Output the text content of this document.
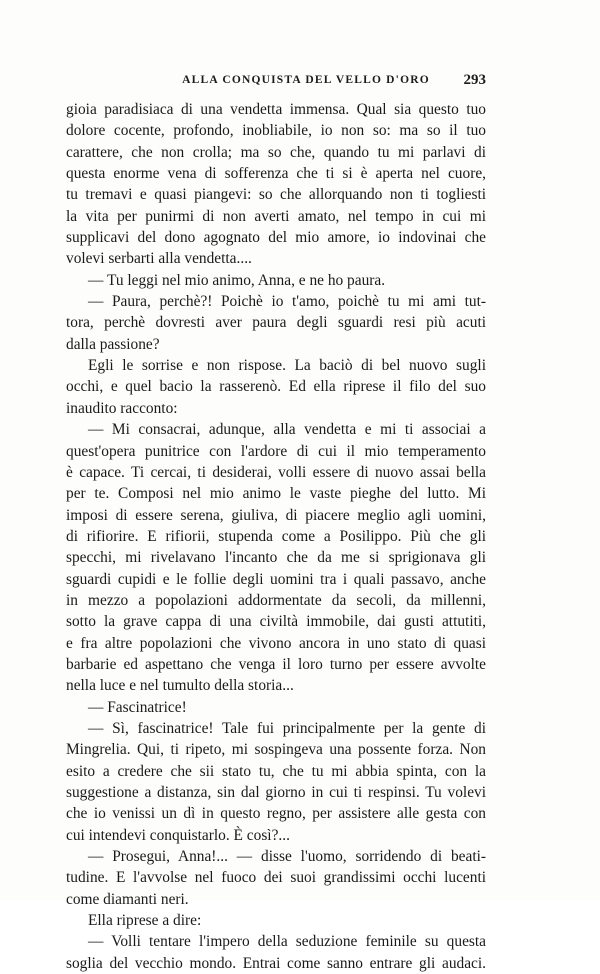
ALLA CONQUISTA DEL VELLO D'ORO	293
gioia paradisiaca di una vendetta immensa. Qual sia questo tuo
dolore cocente, profondo, inobliabile, io non so: ma so il tuo
carattere, che non crolla; ma so che, quando tu mi parlavi di
questa enorme vena di sofferenza che ti si è aperta nel cuore,
tu tremavi e quasi piangevi: so che allorquando non ti togliesti
la vita per punirmi di non averti amato, nel tempo in cui mi
supplicavi del dono agognato del mio amore, io indovinai che
volevi serbarti alla vendetta....
— Tu leggi nel mio animo, Anna, e ne ho paura.
— Paura, perchè?! Poichè io t'amo, poichè tu mi ami tut-
tora, perchè dovresti aver paura degli sguardi resi più acuti
dalla passione?
Egli le sorrise e non rispose. La baciò di bel nuovo sugli
occhi, e quel bacio la rasserenò. Ed ella riprese il filo del suo
inaudito racconto:
— Mi consacrai, adunque, alla vendetta e mi ti associai a
quest'opera punitrice con l'ardore di cui il mio temperamento
è capace. Ti cercai, ti desiderai, volli essere di nuovo assai bella
per te. Composi nel mio animo le vaste pieghe del lutto. Mi
imposi di essere serena, giuliva, di piacere meglio agli uomini,
di rifiorire. E rifiorii, stupenda come a Posilippo. Più che gli
specchi, mi rivelavano l'incanto che da me si sprigionava gli
sguardi cupidi e le follie degli uomini tra i quali passavo, anche
in mezzo a popolazioni addormentate da secoli, da millenni,
sotto la grave cappa di una civiltà immobile, dai gusti attutiti,
e fra altre popolazioni che vivono ancora in uno stato di quasi
barbarie ed aspettano che venga il loro turno per essere avvolte
nella luce e nel tumulto della storia...
— Fascinatrice!
— Sì, fascinatrice! Tale fui principalmente per la gente di
Mingrelia. Qui, ti ripeto, mi sospingeva una possente forza. Non
esito a credere che sii stato tu, che tu mi abbia spinta, con la
suggestione a distanza, sin dal giorno in cui ti respinsi. Tu volevi
che io venissi un dì in questo regno, per assistere alle gesta con
cui intendevi conquistarlo. È così?...
— Prosegui, Anna!... — disse l'uomo, sorridendo di beati-
tudine. E l'avvolse nel fuoco dei suoi grandissimi occhi lucenti
come diamanti neri.
Ella riprese a dire:
— Volli tentare l'impero della seduzione feminile su questa
soglia del vecchio mondo. Entrai come sanno entrare gli audaci.
